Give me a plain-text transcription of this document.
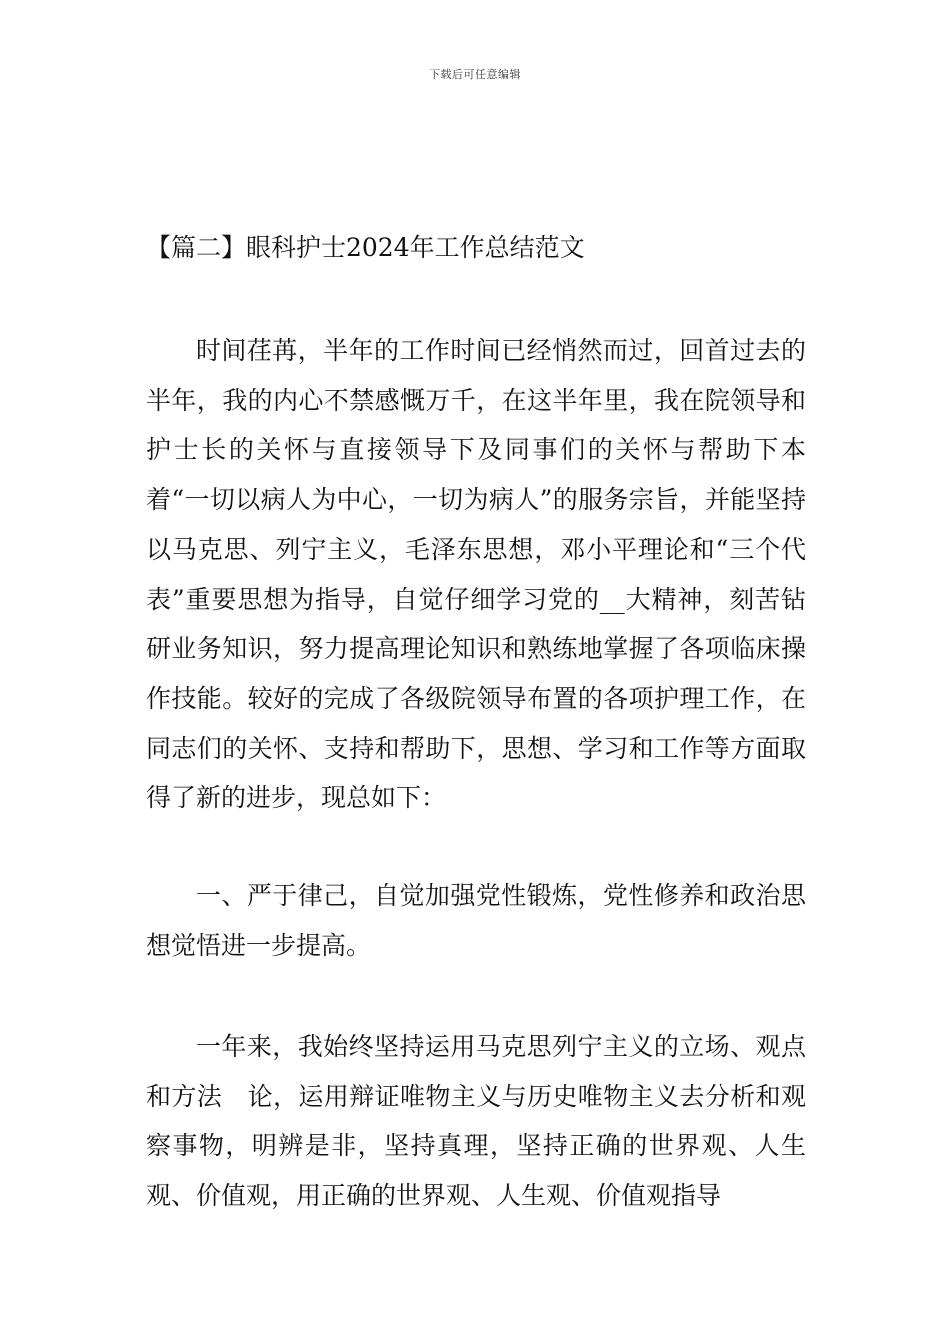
下载后可任意编辑
【篇二】眼科护士2024年工作总结范文

时间荏苒，半年的工作时间已经悄然而过，回首过去的半年，我的内心不禁感慨万千，在这半年里，我在院领导和护士长的关怀与直接领导下及同事们的关怀与帮助下本着“一切以病人为中心，一切为病人”的服务宗旨，并能坚持以马克思、列宁主义，毛泽东思想，邓小平理论和“三个代表”重要思想为指导，自觉仔细学习党的__大精神，刻苦钻研业务知识，努力提高理论知识和熟练地掌握了各项临床操作技能。较好的完成了各级院领导布置的各项护理工作，在同志们的关怀、支持和帮助下，思想、学习和工作等方面取得了新的进步，现总如下：

一、严于律己，自觉加强党性锻炼，党性修养和政治思想觉悟进一步提高。

一年来，我始终坚持运用马克思列宁主义的立场、观点和方法　论，运用辩证唯物主义与历史唯物主义去分析和观察事物，明辨是非，坚持真理，坚持正确的世界观、人生观、价值观，用正确的世界观、人生观、价值观指导
